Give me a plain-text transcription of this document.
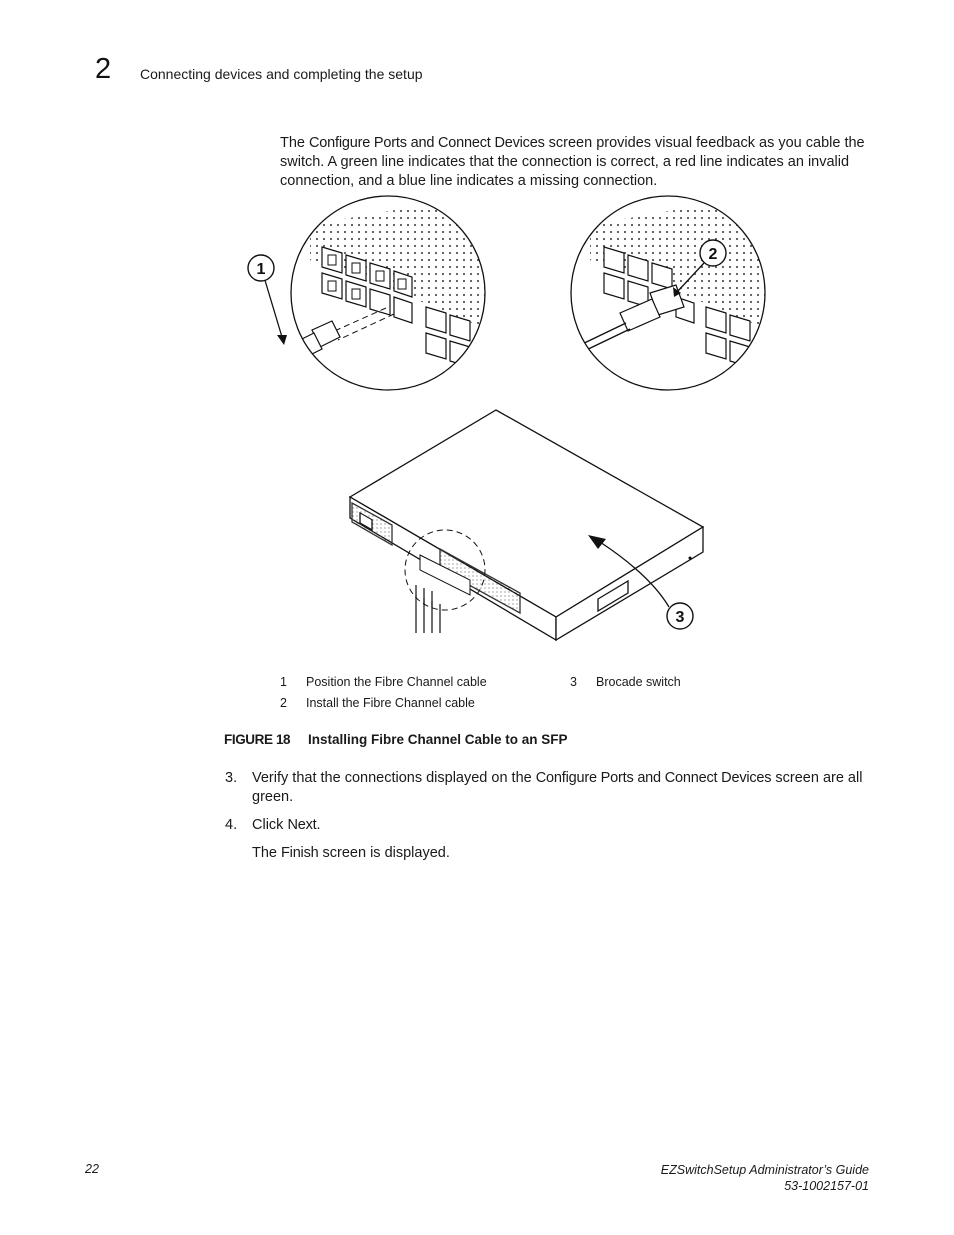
2 Connecting devices and completing the setup

The Configure Ports and Connect Devices screen provides visual feedback as you cable the switch. A green line indicates that the connection is correct, a red line indicates an invalid connection, and a blue line indicates a missing connection.

1
2
3
1 Position the Fibre Channel cable
2 Install the Fibre Channel cable
3 Brocade switch
FIGURE 18 Installing Fibre Channel Cable to an SFP
3. Verify that the connections displayed on the Configure Ports and Connect Devices screen are all green.
4. Click Next.
The Finish screen is displayed.
22	EZSwitchSetup Administrator’s Guide
53-1002157-01
